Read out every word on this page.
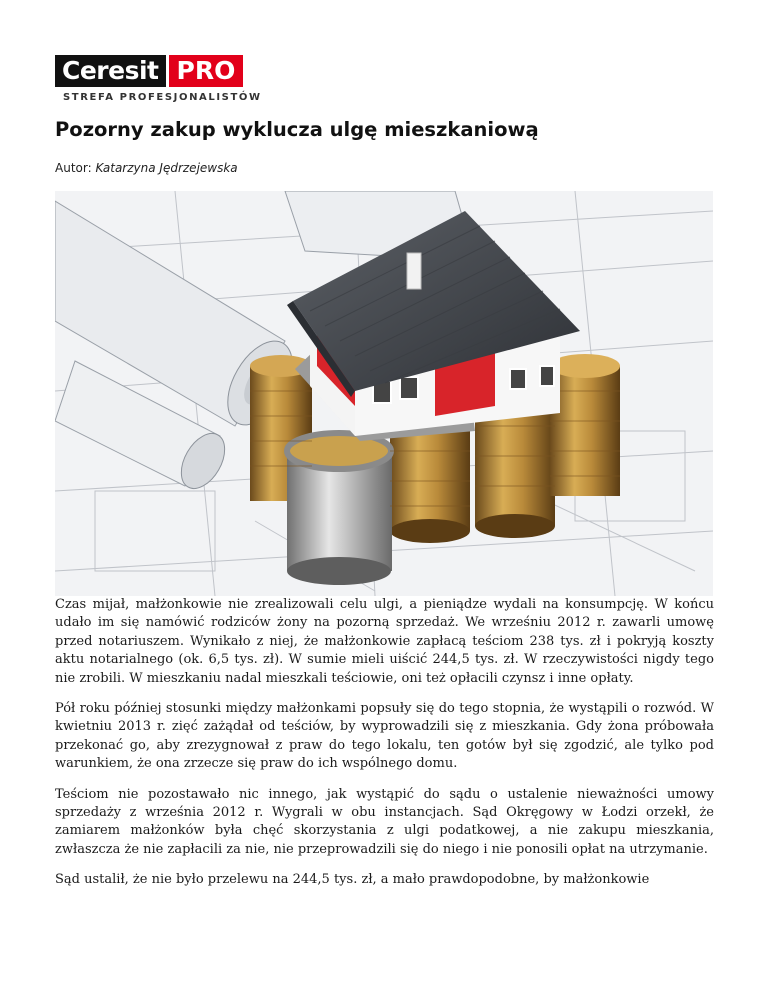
Ceresit PRO
STREFA PROFESJONALISTÓW
Pozorny zakup wyklucza ulgę mieszkaniową
Autor: Katarzyna Jędrzejewska

Czas mijał, małżonkowie nie zrealizowali celu ulgi, a pieniądze wydali na konsumpcję. W końcu udało im się namówić rodziców żony na pozorną sprzedaż. We wrześniu 2012 r. zawarli umowę przed notariuszem. Wynikało z niej, że małżonkowie zapłacą teściom 238 tys. zł i pokryją koszty aktu notarialnego (ok. 6,5 tys. zł). W sumie mieli uiścić 244,5 tys. zł. W rzeczywistości nigdy tego nie zrobili. W mieszkaniu nadal mieszkali teściowie, oni też opłacili czynsz i inne opłaty.

Pół roku później stosunki między małżonkami popsuły się do tego stopnia, że wystąpili o rozwód. W kwietniu 2013 r. zięć zażądał od teściów, by wyprowadzili się z mieszkania. Gdy żona próbowała przekonać go, aby zrezygnował z praw do tego lokalu, ten gotów był się zgodzić, ale tylko pod warunkiem, że ona zrzecze się praw do ich wspólnego domu.

Teściom nie pozostawało nic innego, jak wystąpić do sądu o ustalenie nieważności umowy sprzedaży z września 2012 r. Wygrali w obu instancjach. Sąd Okręgowy w Łodzi orzekł, że zamiarem małżonków była chęć skorzystania z ulgi podatkowej, a nie zakupu mieszkania, zwłaszcza że nie zapłacili za nie, nie przeprowadzili się do niego i nie ponosili opłat na utrzymanie.

Sąd ustalił, że nie było przelewu na 244,5 tys. zł, a mało prawdopodobne, by małżonkowie
